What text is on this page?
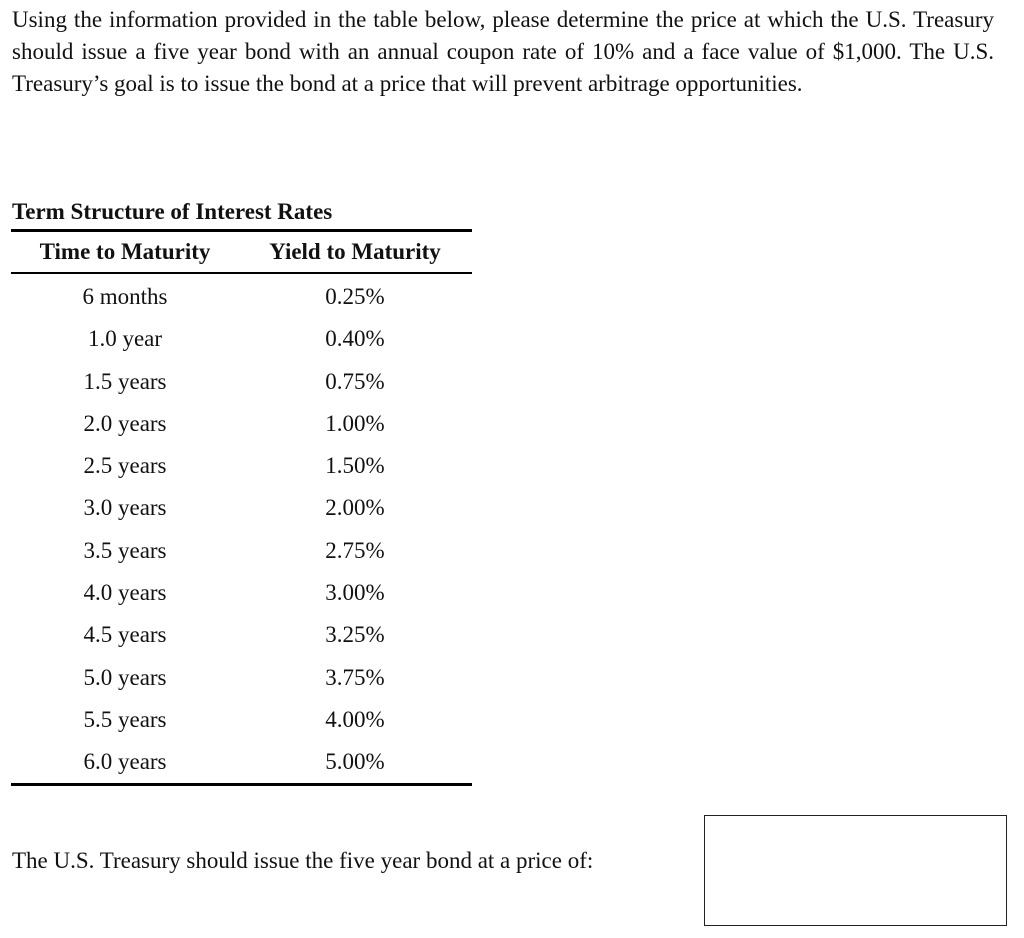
Using the information provided in the table below, please determine the price at which the U.S. Treasury should issue a five year bond with an annual coupon rate of 10% and a face value of $1,000. The U.S. Treasury’s goal is to issue the bond at a price that will prevent arbitrage opportunities.

Term Structure of Interest Rates
Time to Maturity	Yield to Maturity
6 months	0.25%
1.0 year	0.40%
1.5 years	0.75%
2.0 years	1.00%
2.5 years	1.50%
3.0 years	2.00%
3.5 years	2.75%
4.0 years	3.00%
4.5 years	3.25%
5.0 years	3.75%
5.5 years	4.00%
6.0 years	5.00%

The U.S. Treasury should issue the five year bond at a price of:
